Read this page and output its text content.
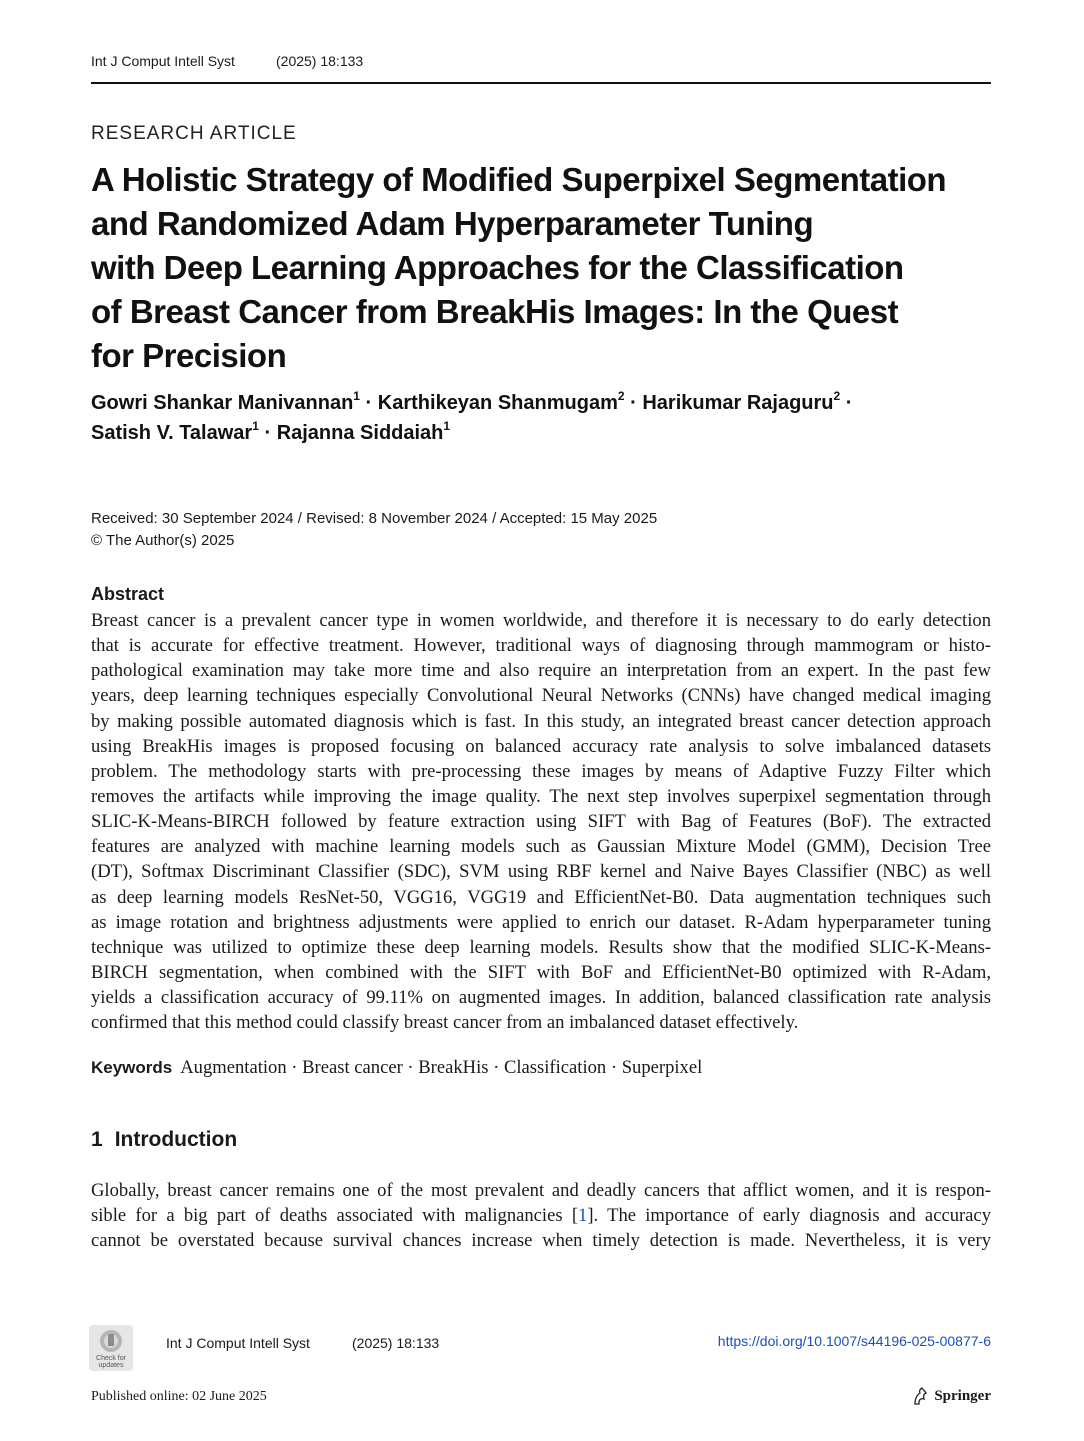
Int J Comput Intell Syst	(2025) 18:133
RESEARCH ARTICLE
A Holistic Strategy of Modified Superpixel Segmentation
and Randomized Adam Hyperparameter Tuning
with Deep Learning Approaches for the Classification
of Breast Cancer from BreakHis Images: In the Quest
for Precision
Gowri Shankar Manivannan$^1$ · Karthikeyan Shanmugam$^2$ · Harikumar Rajaguru$^2$ ·
Satish V. Talawar$^1$ · Rajanna Siddaiah$^1$
Received: 30 September 2024 / Revised: 8 November 2024 / Accepted: 15 May 2025
© The Author(s) 2025
Abstract
Breast cancer is a prevalent cancer type in women worldwide, and therefore it is necessary to do early detection
that is accurate for effective treatment. However, traditional ways of diagnosing through mammogram or histo-
pathological examination may take more time and also require an interpretation from an expert. In the past few
years, deep learning techniques especially Convolutional Neural Networks (CNNs) have changed medical imaging
by making possible automated diagnosis which is fast. In this study, an integrated breast cancer detection approach
using BreakHis images is proposed focusing on balanced accuracy rate analysis to solve imbalanced datasets
problem. The methodology starts with pre-processing these images by means of Adaptive Fuzzy Filter which
removes the artifacts while improving the image quality. The next step involves superpixel segmentation through
SLIC-K-Means-BIRCH followed by feature extraction using SIFT with Bag of Features (BoF). The extracted
features are analyzed with machine learning models such as Gaussian Mixture Model (GMM), Decision Tree
(DT), Softmax Discriminant Classifier (SDC), SVM using RBF kernel and Naive Bayes Classifier (NBC) as well
as deep learning models ResNet-50, VGG16, VGG19 and EfficientNet-B0. Data augmentation techniques such
as image rotation and brightness adjustments were applied to enrich our dataset. R-Adam hyperparameter tuning
technique was utilized to optimize these deep learning models. Results show that the modified SLIC-K-Means-
BIRCH segmentation, when combined with the SIFT with BoF and EfficientNet-B0 optimized with R-Adam,
yields a classification accuracy of 99.11% on augmented images. In addition, balanced classification rate analysis
confirmed that this method could classify breast cancer from an imbalanced dataset effectively.
Keywords Augmentation · Breast cancer · BreakHis · Classification · Superpixel
1 Introduction
Globally, breast cancer remains one of the most prevalent and deadly cancers that afflict women, and it is respon-
sible for a big part of deaths associated with malignancies [1]. The importance of early diagnosis and accuracy
cannot be overstated because survival chances increase when timely detection is made. Nevertheless, it is very
Check for
updates
Int J Comput Intell Syst	(2025) 18:133	https://doi.org/10.1007/s44196-025-00877-6
Published online: 02 June 2025	Springer
